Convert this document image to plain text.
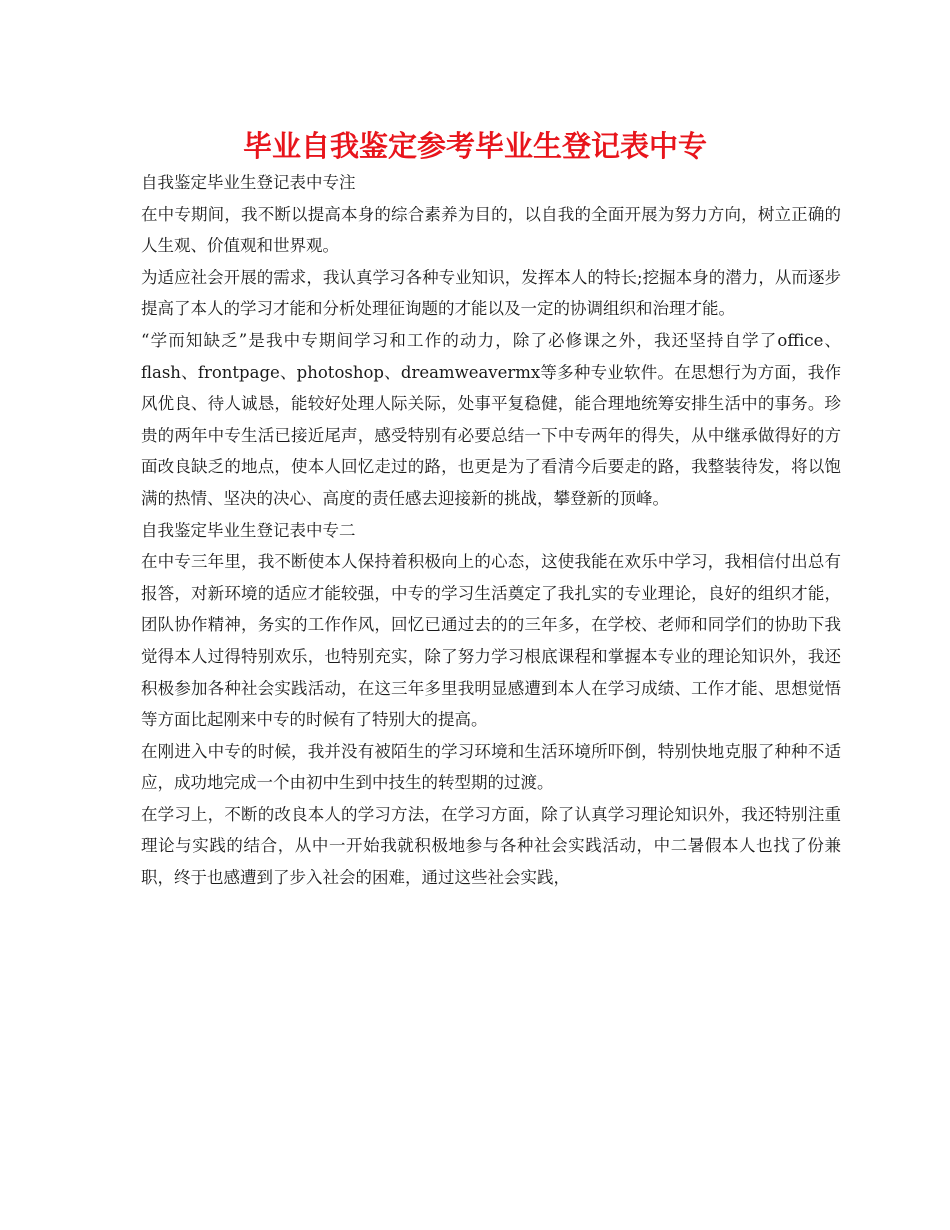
毕业自我鉴定参考毕业生登记表中专

自我鉴定毕业生登记表中专注

在中专期间，我不断以提高本身的综合素养为目的，以自我的全面开展为努力方向，树立正确的人生观、价值观和世界观。

为适应社会开展的需求，我认真学习各种专业知识，发挥本人的特长;挖掘本身的潜力，从而逐步提高了本人的学习才能和分析处理征询题的才能以及一定的协调组织和治理才能。

“学而知缺乏”是我中专期间学习和工作的动力，除了必修课之外，我还坚持自学了office、flash、frontpage、photoshop、dreamweavermx等多种专业软件。在思想行为方面，我作风优良、待人诚恳，能较好处理人际关际，处事平复稳健，能合理地统筹安排生活中的事务。珍贵的两年中专生活已接近尾声，感受特别有必要总结一下中专两年的得失，从中继承做得好的方面改良缺乏的地点，使本人回忆走过的路，也更是为了看清今后要走的路，我整装待发，将以饱满的热情、坚决的决心、高度的责任感去迎接新的挑战，攀登新的顶峰。

自我鉴定毕业生登记表中专二

在中专三年里，我不断使本人保持着积极向上的心态，这使我能在欢乐中学习，我相信付出总有报答，对新环境的适应才能较强，中专的学习生活奠定了我扎实的专业理论，良好的组织才能，团队协作精神，务实的工作作风，回忆已通过去的的三年多，在学校、老师和同学们的协助下我觉得本人过得特别欢乐，也特别充实，除了努力学习根底课程和掌握本专业的理论知识外，我还积极参加各种社会实践活动，在这三年多里我明显感遭到本人在学习成绩、工作才能、思想觉悟等方面比起刚来中专的时候有了特别大的提高。

在刚进入中专的时候，我并没有被陌生的学习环境和生活环境所吓倒，特别快地克服了种种不适应，成功地完成一个由初中生到中技生的转型期的过渡。

在学习上，不断的改良本人的学习方法，在学习方面，除了认真学习理论知识外，我还特别注重理论与实践的结合，从中一开始我就积极地参与各种社会实践活动，中二暑假本人也找了份兼职，终于也感遭到了步入社会的困难，通过这些社会实践，
